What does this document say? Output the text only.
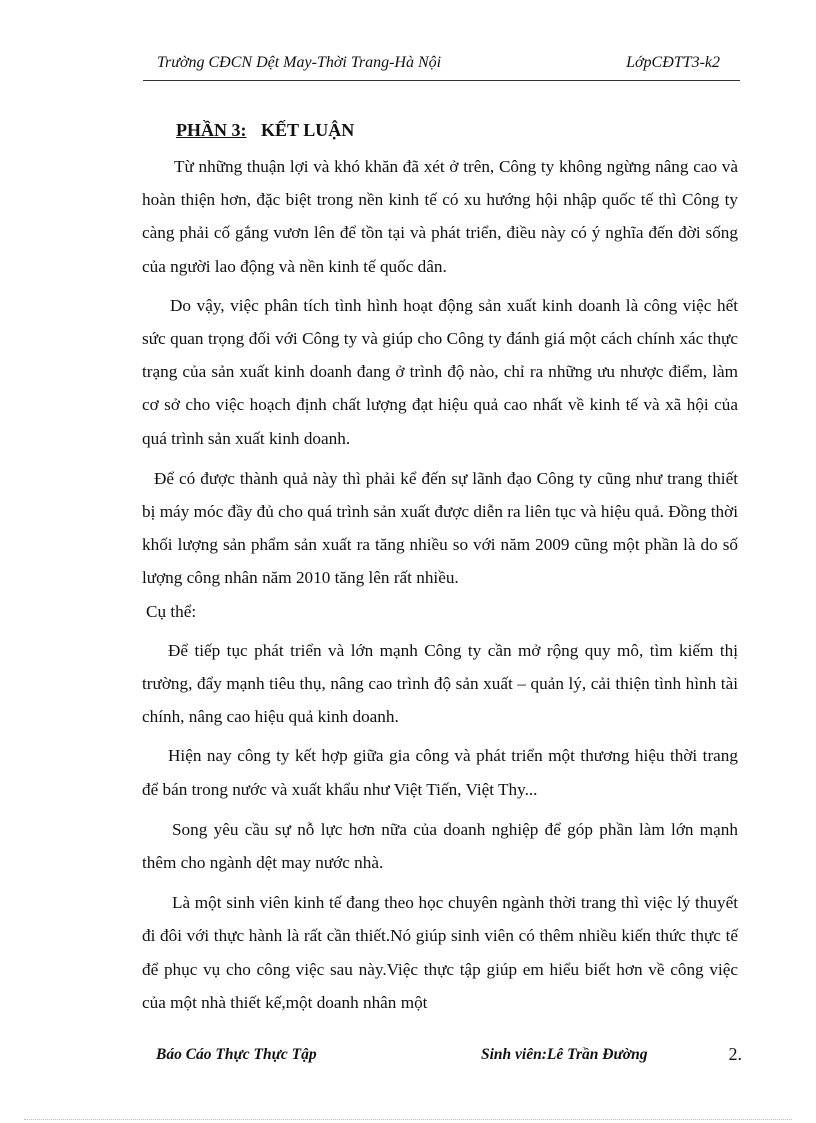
Trường CĐCN Dệt May-Thời Trang-Hà Nội	LớpCĐTT3-k2
PHẦN 3: KẾT LUẬN

Từ những thuận lợi và khó khăn đã xét ở trên, Công ty không ngừng nâng cao và hoàn thiện hơn, đặc biệt trong nền kinh tế có xu hướng hội nhập quốc tế thì Công ty càng phải cố gắng vươn lên để tồn tại và phát triển, điều này có ý nghĩa đến đời sống của người lao động và nền kinh tế quốc dân.

Do vậy, việc phân tích tình hình hoạt động sản xuất kinh doanh là công việc hết sức quan trọng đối với Công ty và giúp cho Công ty đánh giá một cách chính xác thực trạng của sản xuất kinh doanh đang ở trình độ nào, chỉ ra những ưu nhược điểm, làm cơ sở cho việc hoạch định chất lượng đạt hiệu quả cao nhất về kinh tế và xã hội của quá trình sản xuất kinh doanh.

Để có được thành quả này thì phải kể đến sự lãnh đạo Công ty cũng như trang thiết bị máy móc đầy đủ cho quá trình sản xuất được diễn ra liên tục và hiệu quả. Đồng thời khối lượng sản phẩm sản xuất ra tăng nhiều so với năm 2009 cũng một phần là do số lượng công nhân năm 2010 tăng lên rất nhiều.

Cụ thể:

Để tiếp tục phát triển và lớn mạnh Công ty cần mở rộng quy mô, tìm kiếm thị trường, đẩy mạnh tiêu thụ, nâng cao trình độ sản xuất – quản lý, cải thiện tình hình tài chính, nâng cao hiệu quả kinh doanh.

Hiện nay công ty kết hợp giữa gia công và phát triển một thương hiệu thời trang để bán trong nước và xuất khẩu như Việt Tiến, Việt Thy...

Song yêu cầu sự nỗ lực hơn nữa của doanh nghiệp để góp phần làm lớn mạnh thêm cho ngành dệt may nước nhà.

Là một sinh viên kinh tế đang theo học chuyên ngành thời trang thì việc lý thuyết đi đôi với thực hành là rất cần thiết.Nó giúp sinh viên có thêm nhiều kiến thức thực tế để phục vụ cho công việc sau này.Việc thực tập giúp em hiểu biết hơn về công việc của một nhà thiết kế,một doanh nhân một

Báo Cáo Thực Thực Tập	Sinh viên:Lê Trần Đường	2.
